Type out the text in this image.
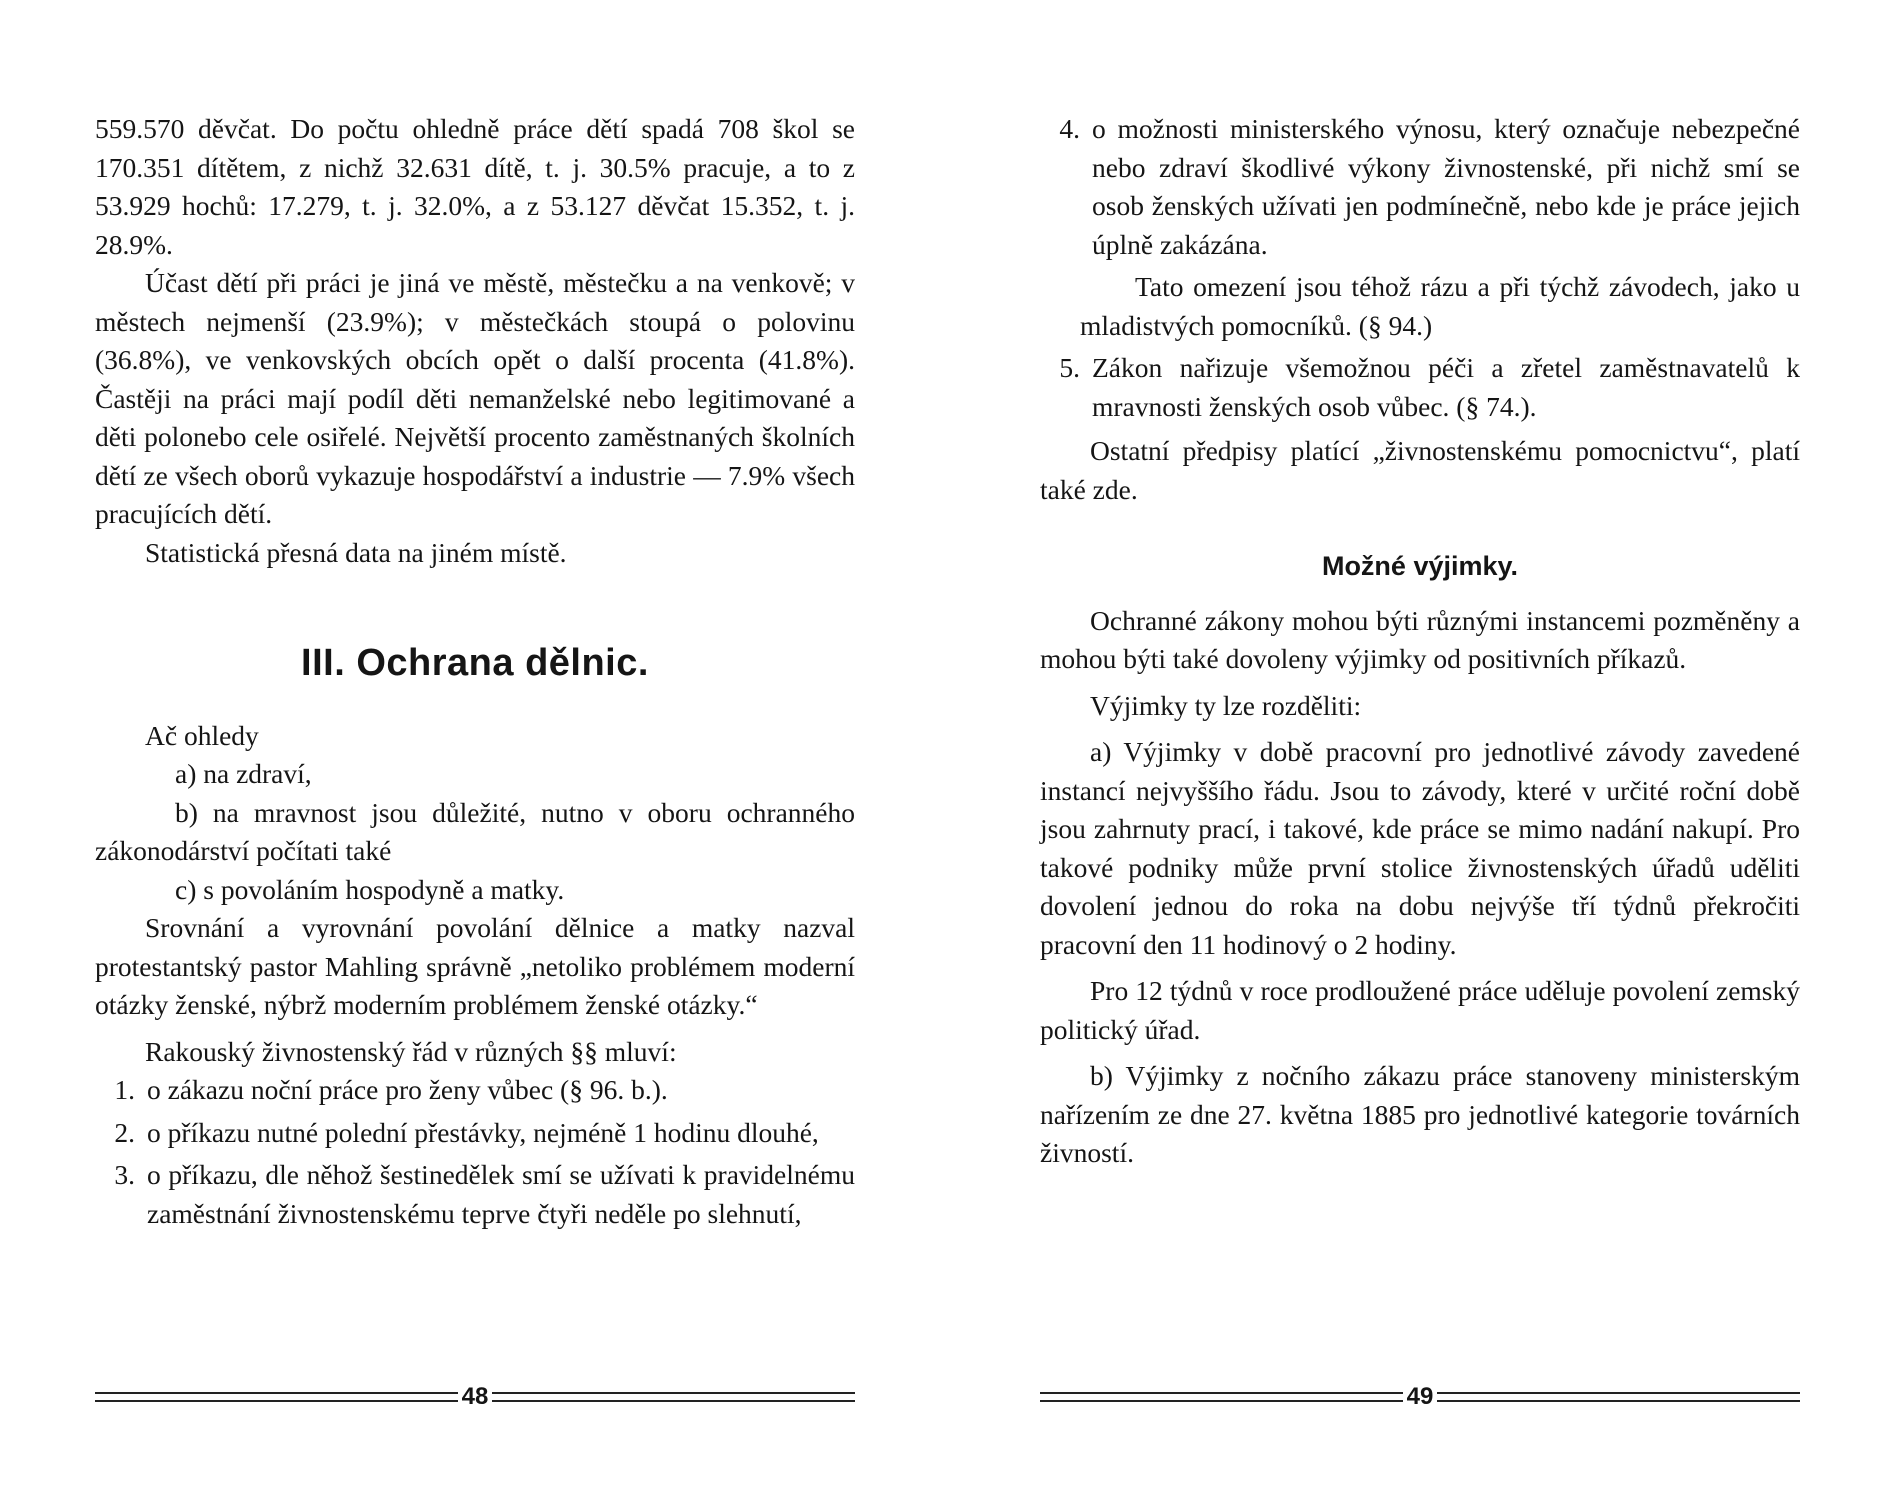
559.570 děvčat. Do počtu ohledně práce dětí spadá 708 škol se 170.351 dítětem, z nichž 32.631 dítě, t. j. 30.5% pracuje, a to z 53.929 hochů: 17.279, t. j. 32.0%, a z 53.127 děvčat 15.352, t. j. 28.9%.

Účast dětí při práci je jiná ve městě, městečku a na venkově; v městech nejmenší (23.9%); v městečkách stoupá o polovinu (36.8%), ve venkovských obcích opět o další procenta (41.8%). Častěji na práci mají podíl děti nemanželské nebo legitimované a děti polonebo cele osiřelé. Největší procento zaměstnaných školních dětí ze všech oborů vykazuje hospodářství a industrie — 7.9% všech pracujících dětí.

Statistická přesná data na jiném místě.

III. Ochrana dělnic.

Ač ohledy

a) na zdraví,

b) na mravnost jsou důležité, nutno v oboru ochranného zákonodárství počítati také

c) s povoláním hospodyně a matky.

Srovnání a vyrovnání povolání dělnice a matky nazval protestantský pastor Mahling správně „netoliko problémem moderní otázky ženské, nýbrž moderním problémem ženské otázky.“

Rakouský živnostenský řád v různých §§ mluví:

1. o zákazu noční práce pro ženy vůbec (§ 96. b.).
2. o příkazu nutné polední přestávky, nejméně 1 hodinu dlouhé,
3. o příkazu, dle něhož šestinedělek smí se užívati k pravidelnému zaměstnání živnostenskému teprve čtyři neděle po slehnutí,
48
4. o možnosti ministerského výnosu, který označuje nebezpečné nebo zdraví škodlivé výkony živnostenské, při nichž smí se osob ženských užívati jen podmínečně, nebo kde je práce jejich úplně zakázána.

Tato omezení jsou téhož rázu a při týchž závodech, jako u mladistvých pomocníků. (§ 94.)

5. Zákon nařizuje všemožnou péči a zřetel zaměstnavatelů k mravnosti ženských osob vůbec. (§ 74.).

Ostatní předpisy platící „živnostenskému pomocnictvu“, platí také zde.

Možné výjimky.

Ochranné zákony mohou býti různými instancemi pozměněny a mohou býti také dovoleny výjimky od positivních příkazů.

Výjimky ty lze rozděliti:

a) Výjimky v době pracovní pro jednotlivé závody zavedené instancí nejvyššího řádu. Jsou to závody, které v určité roční době jsou zahrnuty prací, i takové, kde práce se mimo nadání nakupí. Pro takové podniky může první stolice živnostenských úřadů uděliti dovolení jednou do roka na dobu nejvýše tří týdnů překročiti pracovní den 11 hodinový o 2 hodiny.

Pro 12 týdnů v roce prodloužené práce uděluje povolení zemský politický úřad.

b) Výjimky z nočního zákazu práce stanoveny ministerským nařízením ze dne 27. května 1885 pro jednotlivé kategorie továrních živností.

49
